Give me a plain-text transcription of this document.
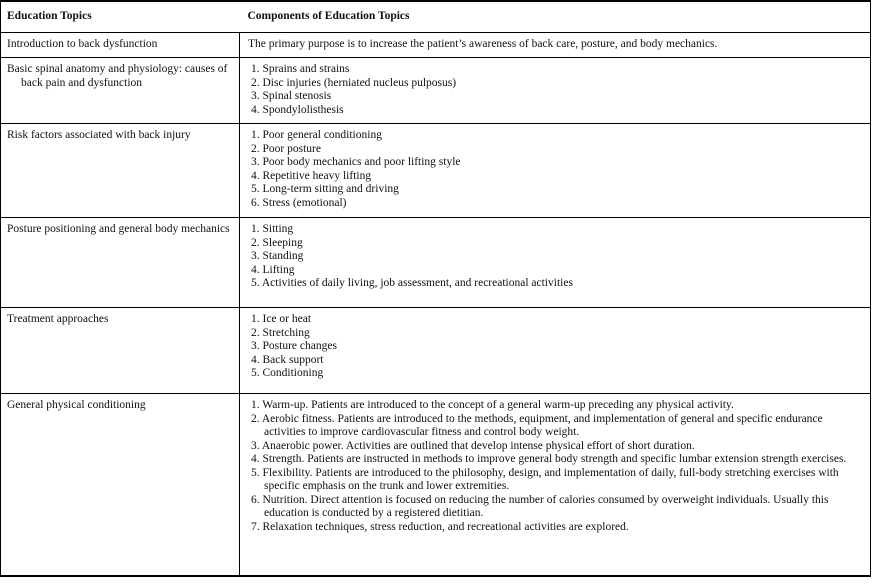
Education Topics	Components of Education Topics

Introduction to back dysfunction	The primary purpose is to increase the patient’s awareness of back care, posture, and body mechanics.

Basic spinal anatomy and physiology: causes of back pain and dysfunction	1. Sprains and strains
2. Disc injuries (herniated nucleus pulposus)
3. Spinal stenosis
4. Spondylolisthesis

Risk factors associated with back injury	1. Poor general conditioning
2. Poor posture
3. Poor body mechanics and poor lifting style
4. Repetitive heavy lifting
5. Long-term sitting and driving
6. Stress (emotional)

Posture positioning and general body mechanics	1. Sitting
2. Sleeping
3. Standing
4. Lifting
5. Activities of daily living, job assessment, and recreational activities

Treatment approaches	1. Ice or heat
2. Stretching
3. Posture changes
4. Back support
5. Conditioning

General physical conditioning	1. Warm-up. Patients are introduced to the concept of a general warm-up preceding any physical activity.
2. Aerobic fitness. Patients are introduced to the methods, equipment, and implementation of general and specific endurance activities to improve cardiovascular fitness and control body weight.
3. Anaerobic power. Activities are outlined that develop intense physical effort of short duration.
4. Strength. Patients are instructed in methods to improve general body strength and specific lumbar extension strength exercises.
5. Flexibility. Patients are introduced to the philosophy, design, and implementation of daily, full-body stretching exercises with specific emphasis on the trunk and lower extremities.
6. Nutrition. Direct attention is focused on reducing the number of calories consumed by overweight individuals. Usually this education is conducted by a registered dietitian.
7. Relaxation techniques, stress reduction, and recreational activities are explored.
